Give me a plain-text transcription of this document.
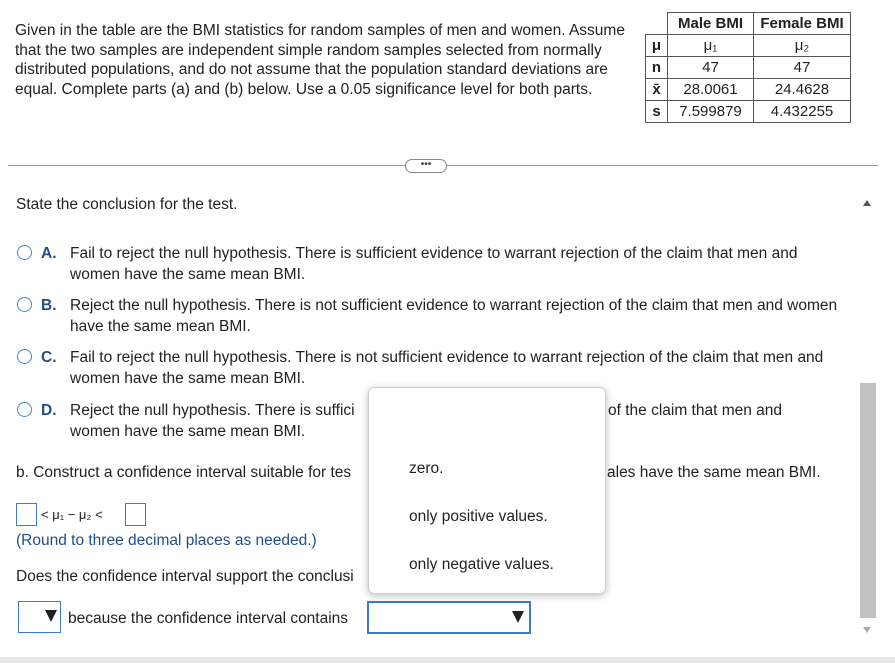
Given in the table are the BMI statistics for random samples of men and women. Assume that the two samples are independent simple random samples selected from normally distributed populations, and do not assume that the population standard deviations are equal. Complete parts (a) and (b) below. Use a 0.05 significance level for both parts.
	Male BMI	Female BMI
μ	μ₁	μ₂
n	47	47
x̄	28.0061	24.4628
s	7.599879	4.432255
•••
State the conclusion for the test.
A. Fail to reject the null hypothesis. There is sufficient evidence to warrant rejection of the claim that men and women have the same mean BMI.
B. Reject the null hypothesis. There is not sufficient evidence to warrant rejection of the claim that men and women have the same mean BMI.
C. Fail to reject the null hypothesis. There is not sufficient evidence to warrant rejection of the claim that men and women have the same mean BMI.
D. Reject the null hypothesis. There is suffici	of the claim that men and
women have the same mean BMI.
b. Construct a confidence interval suitable for tes	ales have the same mean BMI.
< μ₁ − μ₂ <
(Round to three decimal places as needed.)
Does the confidence interval support the conclusi
because the confidence interval contains
zero.
only positive values.
only negative values.
